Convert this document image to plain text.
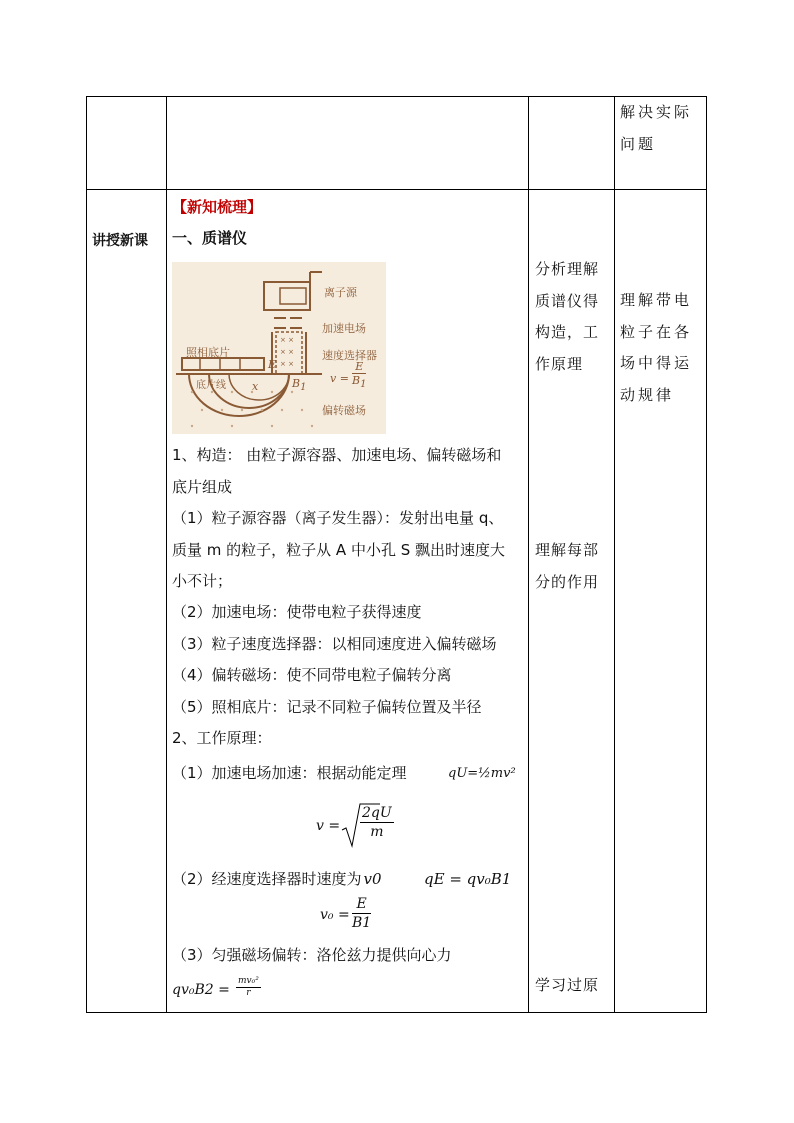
解决实际问题
讲授新课
【新知梳理】
一、质谱仪
× ×
× ×
× ×
离子源
加速电场
速度选择器
照相底片
底片线 x
E
$B_1$
v =
E
$B_1$
偏转磁场
1、构造： 由粒子源容器、加速电场、偏转磁场和
底片组成
（1）粒子源容器（离子发生器）：发射出电量 q、
质量 m 的粒子，粒子从 A 中小孔 S 飘出时速度大
小不计；
（2）加速电场：使带电粒子获得速度
（3）粒子速度选择器：以相同速度进入偏转磁场
（4）偏转磁场：使不同带电粒子偏转分离
（5）照相底片：记录不同粒子偏转位置及半径
2、工作原理：
（1）加速电场加速：根据动能定理	qU=½mv²
$v = \frac{2qU}{m}$
（2）经速度选择器时速度为 v0	qE = qv₀B1
$v_0 = \frac{E}{B1}$
（3）匀强磁场偏转：洛伦兹力提供向心力
qv₀B2 =
mv₀²
r
分析理解质谱仪得构造，工作原理
理解每部分的作用
学习过原
理解带电粒子在各场中得运动规律
